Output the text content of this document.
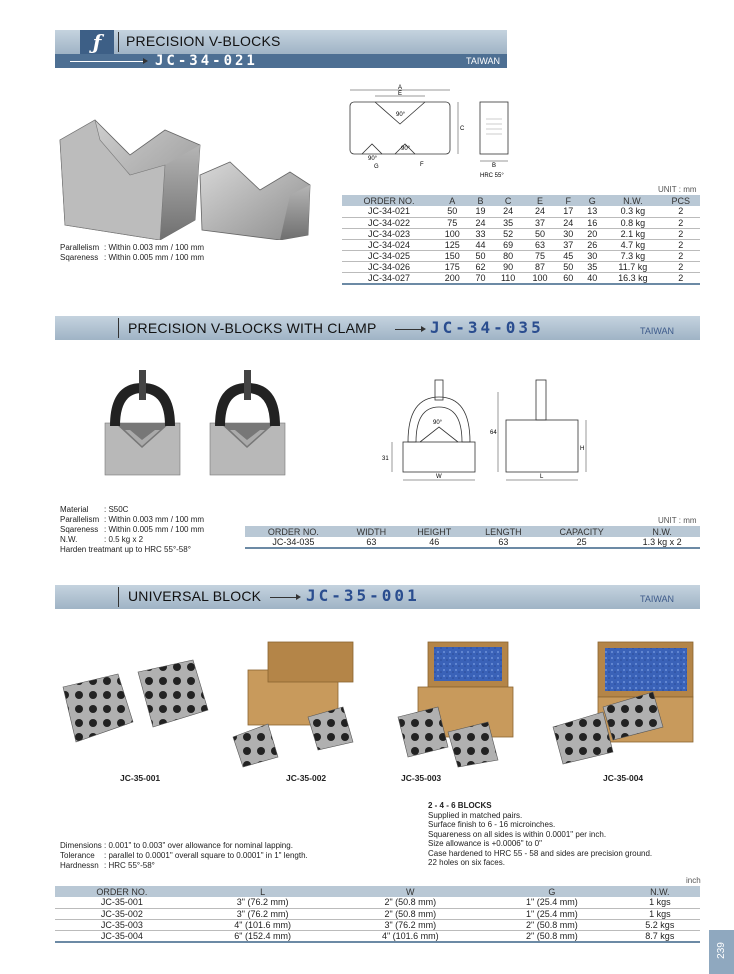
ƒ	PRECISION V-BLOCKS
JC-34-021	TAIWAN
Parallelism : Within 0.003 mm / 100 mm
Sqareness : Within 0.005 mm / 100 mm
A
E
90°
C
90°
90°
G	F	B
HRC 55°
UNIT : mm
ORDER NO.	A	B	C	E	F	G	N.W.	PCS
JC-34-021	50	19	24	24	17	13	0.3 kg	2
JC-34-022	75	24	35	37	24	16	0.8 kg	2
JC-34-023	100	33	52	50	30	20	2.1 kg	2
JC-34-024	125	44	69	63	37	26	4.7 kg	2
JC-34-025	150	50	80	75	45	30	7.3 kg	2
JC-34-026	175	62	90	87	50	35	11.7 kg	2
JC-34-027	200	70	110	100	60	40	16.3 kg	2
PRECISION V-BLOCKS WITH CLAMP	JC-34-035	TAIWAN
90°
31
W
64
H
L
Material	: S50C
Parallelism : Within 0.003 mm / 100 mm
Sqareness : Within 0.005 mm / 100 mm
N.W.	: 0.5 kg x 2
Harden treatmant up to HRC 55°-58°
UNIT : mm
ORDER NO.	WIDTH	HEIGHT	LENGTH	CAPACITY	N.W.
JC-34-035	63	46	63	25	1.3 kg x 2
UNIVERSAL BLOCK	JC-35-001	TAIWAN
JC-35-001	JC-35-002	JC-35-003	JC-35-004
2 - 4 - 6 BLOCKS
Supplied in matched pairs.
Surface finish to 6 - 16 microinches.
Squareness on all sides is within 0.0001" per inch.
Size allowance is +0.0006" to 0"
Case hardened to HRC 55 - 58 and sides are precision ground.
22 holes on six faces.
Dimensions : 0.001" to 0.003" over allowance for nominal lapping.
Tolerance	: parallel to 0.0001" overall square to 0.0001" in 1" length.
Hardnessn : HRC 55°-58°
inch
ORDER NO.	L	W	G	N.W.
JC-35-001	3" (76.2 mm)	2" (50.8 mm)	1" (25.4 mm)	1 kgs
JC-35-002	3" (76.2 mm)	2" (50.8 mm)	1" (25.4 mm)	1 kgs
JC-35-003	4" (101.6 mm)	3" (76.2 mm)	2" (50.8 mm)	5.2 kgs
JC-35-004	6" (152.4 mm)	4" (101.6 mm)	2" (50.8 mm)	8.7 kgs
239
